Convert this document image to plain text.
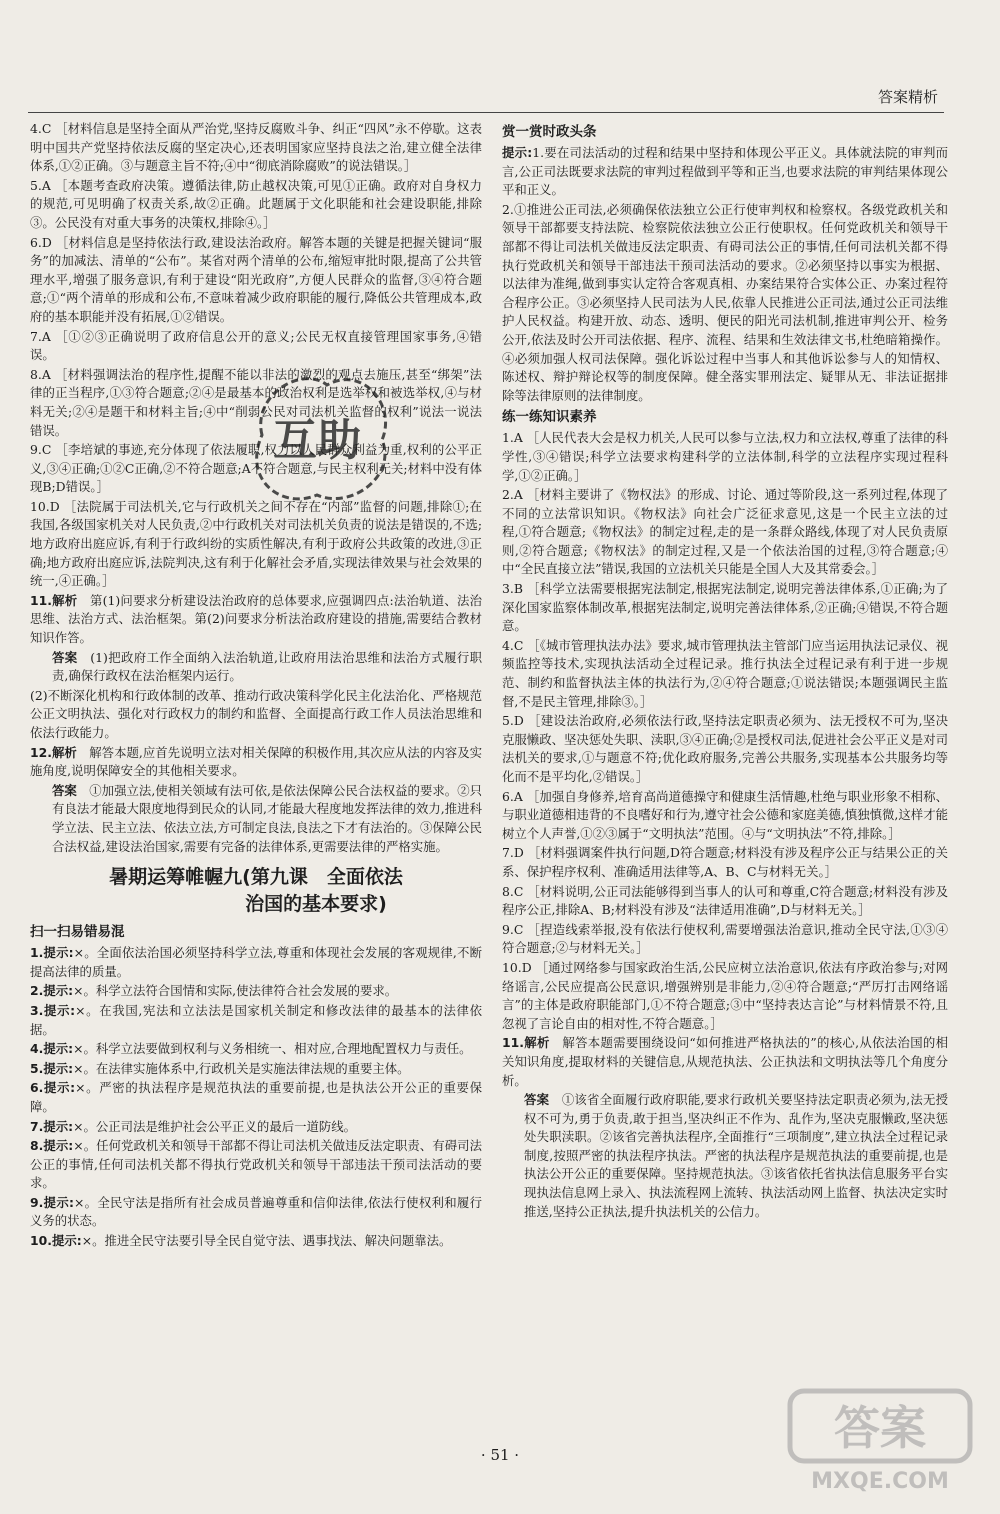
答案精析

4.C ［材料信息是坚持全面从严治党,坚持反腐败斗争、纠正“四风”永不停歇。这表明中国共产党坚持依法反腐的坚定决心,还表明国家应坚持良法之治,建立健全法律体系,①②正确。③与题意主旨不符;④中“彻底消除腐败”的说法错误。］

5.A ［本题考查政府决策。遵循法律,防止越权决策,可见①正确。政府对自身权力的规范,可见明确了权责关系,故②正确。此题属于文化职能和社会建设职能,排除③。公民没有对重大事务的决策权,排除④。］

6.D ［材料信息是坚持依法行政,建设法治政府。解答本题的关键是把握关键词“服务”的加减法、清单的“公布”。某省对两个清单的公布,缩短审批时限,提高了公共管理水平,增强了服务意识,有利于建设“阳光政府”,方便人民群众的监督,③④符合题意;①“两个清单的形成和公布,不意味着减少政府职能的履行,降低公共管理成本,政府的基本职能并没有拓展,①②错误。

7.A ［①②③正确说明了政府信息公开的意义;公民无权直接管理国家事务,④错误。

8.A ［材料强调法治的程序性,提醒不能以非法的激烈的观点去施压,甚至“绑架”法律的正当程序,①③符合题意;②④是最基本的政治权利是选举权和被选举权,④与材料无关;②④是题干和材料主旨;④中“削弱公民对司法机关监督的权利”说法一说法错误。

9.C ［李培斌的事迹,充分体现了依法履职,权力以人民群众利益为重,权利的公平正义,③④正确;①②C正确,②不符合题意;A不符合题意,与民主权利无关;材料中没有体现B;D错误。］

10.D ［法院属于司法机关,它与行政机关之间不存在“内部”监督的问题,排除①;在我国,各级国家机关对人民负责,②中行政机关对司法机关负责的说法是错误的,不选;地方政府出庭应诉,有利于行政纠纷的实质性解决,有利于政府公共政策的改进,③正确;地方政府出庭应诉,法院判决,这有利于化解社会矛盾,实现法律效果与社会效果的统一,④正确。］

11.解析　 第(1)问要求分析建设法治政府的总体要求,应强调四点:法治轨道、法治思维、法治方式、法治框架。第(2)问要求分析法治政府建设的措施,需要结合教材知识作答。

答案　 (1)把政府工作全面纳入法治轨道,让政府用法治思维和法治方式履行职责,确保行政权在法治框架内运行。

(2)不断深化机构和行政体制的改革、推动行政决策科学化民主化法治化、严格规范公正文明执法、强化对行政权力的制约和监督、全面提高行政工作人员法治思维和依法行政能力。

12.解析　 解答本题,应首先说明立法对相关保障的积极作用,其次应从法的内容及实施角度,说明保障安全的其他相关要求。

答案　 ①加强立法,使相关领域有法可依,是依法保障公民合法权益的要求。②只有良法才能最大限度地得到民众的认同,才能最大程度地发挥法律的效力,推进科学立法、民主立法、依法立法,方可制定良法,良法之下才有法治的。③保障公民合法权益,建设法治国家,需要有完备的法律体系,更需要法律的严格实施。

暑期运筹帷幄九(第九课　全面依法
治国的基本要求)
扫一扫易错易混

1.提示:×。全面依法治国必须坚持科学立法,尊重和体现社会发展的客观规律,不断提高法律的质量。

2.提示:×。科学立法符合国情和实际,使法律符合社会发展的要求。

3.提示:×。在我国,宪法和立法法是国家机关制定和修改法律的最基本的法律依据。

4.提示:×。科学立法要做到权利与义务相统一、相对应,合理地配置权力与责任。

5.提示:×。在法律实施体系中,行政机关是实施法律法规的重要主体。

6.提示:×。严密的执法程序是规范执法的重要前提,也是执法公开公正的重要保障。

7.提示:×。公正司法是维护社会公平正义的最后一道防线。

8.提示:×。任何党政机关和领导干部都不得让司法机关做违反法定职责、有碍司法公正的事情,任何司法机关都不得执行党政机关和领导干部违法干预司法活动的要求。

9.提示:×。全民守法是指所有社会成员普遍尊重和信仰法律,依法行使权利和履行义务的状态。

10.提示:×。推进全民守法要引导全民自觉守法、遇事找法、解决问题靠法。

赏一赏时政头条

提示:1.要在司法活动的过程和结果中坚持和体现公平正义。具体就法院的审判而言,公正司法既要求法院的审判过程做到平等和正当,也要求法院的审判结果体现公平和正义。

2.①推进公正司法,必须确保依法独立公正行使审判权和检察权。各级党政机关和领导干部都要支持法院、检察院依法独立公正行使职权。任何党政机关和领导干部都不得让司法机关做违反法定职责、有碍司法公正的事情,任何司法机关都不得执行党政机关和领导干部违法干预司法活动的要求。②必须坚持以事实为根据、以法律为准绳,做到事实认定符合客观真相、办案结果符合实体公正、办案过程符合程序公正。③必须坚持人民司法为人民,依靠人民推进公正司法,通过公正司法维护人民权益。构建开放、动态、透明、便民的阳光司法机制,推进审判公开、检务公开,依法及时公开司法依据、程序、流程、结果和生效法律文书,杜绝暗箱操作。④必须加强人权司法保障。强化诉讼过程中当事人和其他诉讼参与人的知情权、陈述权、辩护辩论权等的制度保障。健全落实罪刑法定、疑罪从无、非法证据排除等法律原则的法律制度。

练一练知识素养

1.A ［人民代表大会是权力机关,人民可以参与立法,权力和立法权,尊重了法律的科学性,③④错误;科学立法要求构建科学的立法体制,科学的立法程序实现过程科学,①②正确。］

2.A ［材料主要讲了《物权法》的形成、讨论、通过等阶段,这一系列过程,体现了不同的立法常识知识。《物权法》向社会广泛征求意见,这是一个民主立法的过程,①符合题意;《物权法》的制定过程,走的是一条群众路线,体现了对人民负责原则,②符合题意;《物权法》的制定过程,又是一个依法治国的过程,③符合题意;④中“全民直接立法”错误,我国的立法机关只能是全国人大及其常委会。］

3.B ［科学立法需要根据宪法制定,根据宪法制定,说明完善法律体系,①正确;为了深化国家监察体制改革,根据宪法制定,说明完善法律体系,②正确;④错误,不符合题意。

4.C ［《城市管理执法办法》要求,城市管理执法主管部门应当运用执法记录仪、视频监控等技术,实现执法活动全过程记录。推行执法全过程记录有利于进一步规范、制约和监督执法主体的执法行为,②④符合题意;①说法错误;本题强调民主监督,不是民主管理,排除③。］

5.D ［建设法治政府,必须依法行政,坚持法定职责必须为、法无授权不可为,坚决克服懒政、坚决惩处失职、渎职,③④正确;②是授权司法,促进社会公平正义是对司法机关的要求,①与题意不符;优化政府服务,完善公共服务,实现基本公共服务均等化而不是平均化,②错误。］

6.A ［加强自身修养,培育高尚道德操守和健康生活情趣,杜绝与职业形象不相称、与职业道德相违背的不良嗜好和行为,遵守社会公德和家庭美德,慎独慎微,这样才能树立个人声誉,①②③属于“文明执法”范围。④与“文明执法”不符,排除。］

7.D ［材料强调案件执行问题,D符合题意;材料没有涉及程序公正与结果公正的关系、保护程序权利、准确适用法律等,A、B、C与材料无关。］

8.C ［材料说明,公正司法能够得到当事人的认可和尊重,C符合题意;材料没有涉及程序公正,排除A、B;材料没有涉及“法律适用准确”,D与材料无关。］

9.C ［捏造线索举报,没有依法行使权利,需要增强法治意识,推动全民守法,①③④符合题意;②与材料无关。］

10.D ［通过网络参与国家政治生活,公民应树立法治意识,依法有序政治参与;对网络谣言,公民应提高公民意识,增强辨别是非能力,②④符合题意;“严厉打击网络谣言”的主体是政府职能部门,①不符合题意;③中“坚持表达言论”与材料情景不符,且忽视了言论自由的相对性,不符合题意。］

11.解析　 解答本题需要围绕设问“如何推进严格执法的”的核心,从依法治国的相关知识角度,提取材料的关键信息,从规范执法、公正执法和文明执法等几个角度分析。

答案　 ①该省全面履行政府职能,要求行政机关要坚持法定职责必须为,法无授权不可为,勇于负责,敢于担当,坚决纠正不作为、乱作为,坚决克服懒政,坚决惩处失职渎职。②该省完善执法程序,全面推行“三项制度”,建立执法全过程记录制度,按照严密的执法程序执法。严密的执法程序是规范执法的重要前提,也是执法公开公正的重要保障。坚持规范执法。③该省依托省执法信息服务平台实现执法信息网上录入、执法流程网上流转、执法活动网上监督、执法决定实时推送,坚持公正执法,提升执法机关的公信力。

互助
答案
MXQE.COM
· 51 ·
